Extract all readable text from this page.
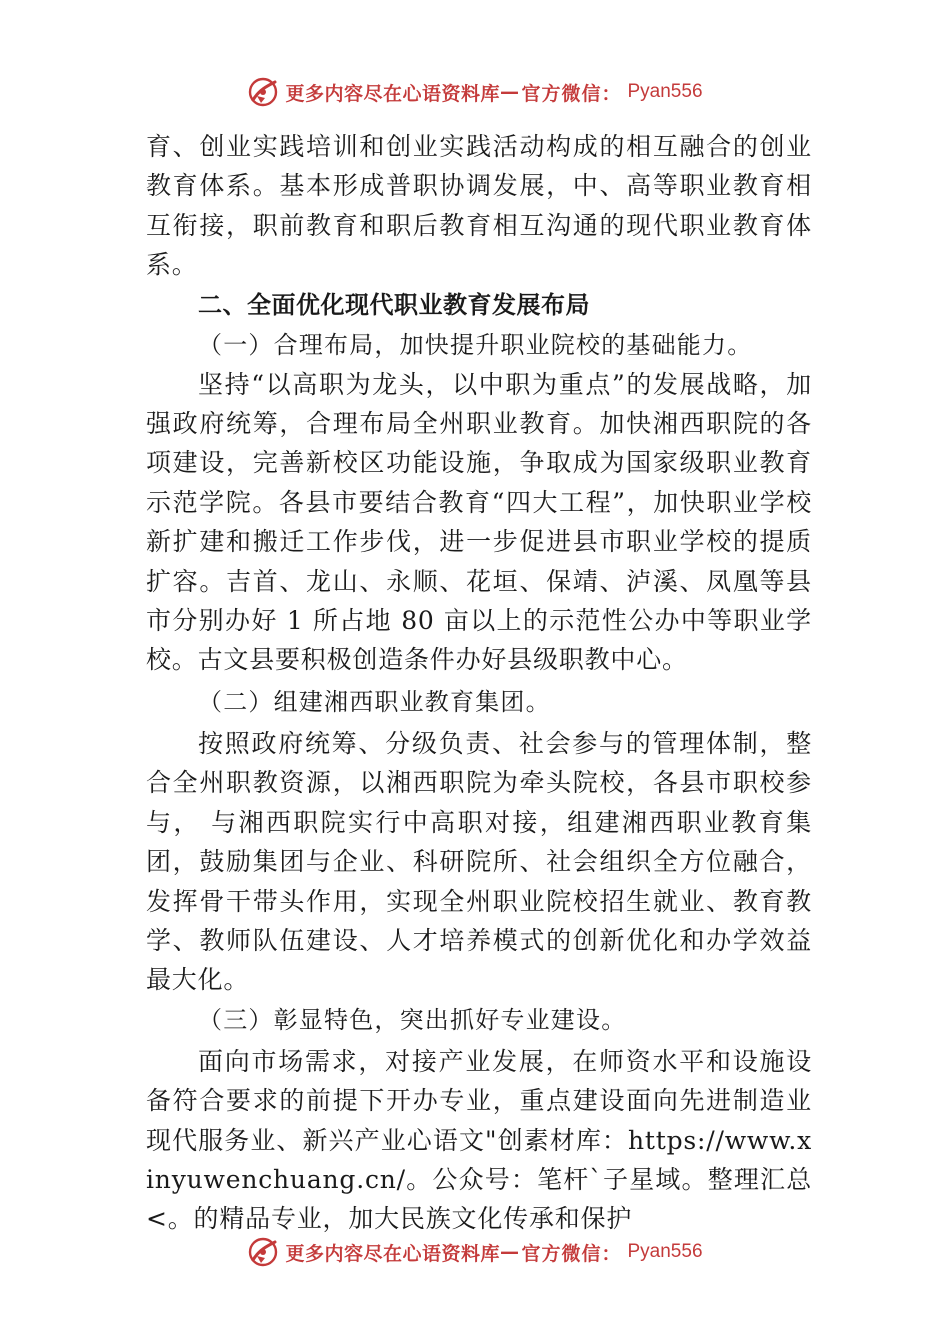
更多内容尽在心语资料库 — 官方微信： Pyan556

育、创业实践培训和创业实践活动构成的相互融合的创业教育体系。基本形成普职协调发展，中、高等职业教育相互衔接，职前教育和职后教育相互沟通的现代职业教育体系。

二、全面优化现代职业教育发展布局

（一）合理布局，加快提升职业院校的基础能力。

坚持“以高职为龙头，以中职为重点”的发展战略，加强政府统筹，合理布局全州职业教育。加快湘西职院的各项建设，完善新校区功能设施，争取成为国家级职业教育示范学院。各县市要结合教育“四大工程”，加快职业学校新扩建和搬迁工作步伐，进一步促进县市职业学校的提质扩容。吉首、龙山、永顺、花垣、保靖、泸溪、凤凰等县市分别办好 1 所占地 80 亩以上的示范性公办中等职业学校。古文县要积极创造条件办好县级职教中心。

（二）组建湘西职业教育集团。

按照政府统筹、分级负责、社会参与的管理体制，整合全州职教资源，以湘西职院为牵头院校，各县市职校参与， 与湘西职院实行中高职对接，组建湘西职业教育集团，鼓励集团与企业、科研院所、社会组织全方位融合，发挥骨干带头作用，实现全州职业院校招生就业、教育教学、教师队伍建设、人才培养模式的创新优化和办学效益最大化。

（三）彰显特色，突出抓好专业建设。

面向市场需求，对接产业发展，在师资水平和设施设备符合要求的前提下开办专业，重点建设面向先进制造业现代服务业、新兴产业心语文"创素材库：https://www.xinyuwenchuang.cn/。公众号：笔杆`子星域。整理汇总<。的精品专业，加大民族文化传承和保护

更多内容尽在心语资料库 — 官方微信： Pyan556
